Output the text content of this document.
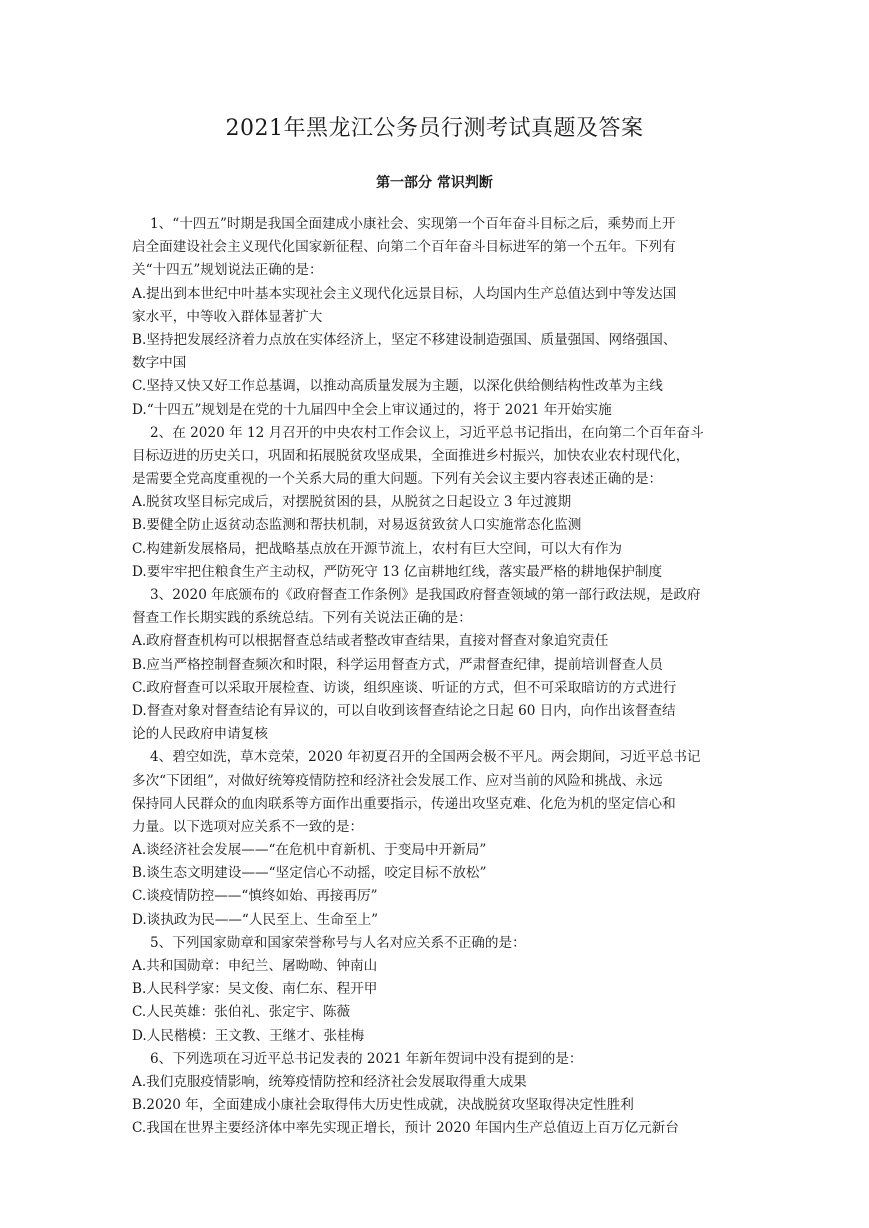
2021年黑龙江公务员行测考试真题及答案
第一部分 常识判断
1、“十四五”时期是我国全面建成小康社会、实现第一个百年奋斗目标之后，乘势而上开
启全面建设社会主义现代化国家新征程、向第二个百年奋斗目标进军的第一个五年。下列有
关“十四五”规划说法正确的是：
A.提出到本世纪中叶基本实现社会主义现代化远景目标，人均国内生产总值达到中等发达国
家水平，中等收入群体显著扩大
B.坚持把发展经济着力点放在实体经济上，坚定不移建设制造强国、质量强国、网络强国、
数字中国
C.坚持又快又好工作总基调，以推动高质量发展为主题，以深化供给侧结构性改革为主线
D.“十四五”规划是在党的十九届四中全会上审议通过的，将于 2021 年开始实施
2、在 2020 年 12 月召开的中央农村工作会议上，习近平总书记指出，在向第二个百年奋斗
目标迈进的历史关口，巩固和拓展脱贫攻坚成果，全面推进乡村振兴，加快农业农村现代化，
是需要全党高度重视的一个关系大局的重大问题。下列有关会议主要内容表述正确的是：
A.脱贫攻坚目标完成后，对摆脱贫困的县，从脱贫之日起设立 3 年过渡期
B.要健全防止返贫动态监测和帮扶机制，对易返贫致贫人口实施常态化监测
C.构建新发展格局，把战略基点放在开源节流上，农村有巨大空间，可以大有作为
D.要牢牢把住粮食生产主动权，严防死守 13 亿亩耕地红线，落实最严格的耕地保护制度
3、2020 年底颁布的《政府督查工作条例》是我国政府督查领域的第一部行政法规，是政府
督查工作长期实践的系统总结。下列有关说法正确的是：
A.政府督查机构可以根据督查总结或者整改审查结果，直接对督查对象追究责任
B.应当严格控制督查频次和时限，科学运用督查方式，严肃督查纪律，提前培训督查人员
C.政府督查可以采取开展检查、访谈，组织座谈、听证的方式，但不可采取暗访的方式进行
D.督查对象对督查结论有异议的，可以自收到该督查结论之日起 60 日内，向作出该督查结
论的人民政府申请复核
4、碧空如洗，草木竞荣，2020 年初夏召开的全国两会极不平凡。两会期间，习近平总书记
多次“下团组”，对做好统筹疫情防控和经济社会发展工作、应对当前的风险和挑战、永远
保持同人民群众的血肉联系等方面作出重要指示，传递出攻坚克难、化危为机的坚定信心和
力量。以下选项对应关系不一致的是：
A.谈经济社会发展——“在危机中育新机、于变局中开新局”
B.谈生态文明建设——“坚定信心不动摇，咬定目标不放松”
C.谈疫情防控——“慎终如始、再接再厉”
D.谈执政为民——“人民至上、生命至上”
5、下列国家勋章和国家荣誉称号与人名对应关系不正确的是：
A.共和国勋章：申纪兰、屠呦呦、钟南山
B.人民科学家：吴文俊、南仁东、程开甲
C.人民英雄：张伯礼、张定宇、陈薇
D.人民楷模：王文教、王继才、张桂梅
6、下列选项在习近平总书记发表的 2021 年新年贺词中没有提到的是：
A.我们克服疫情影响，统筹疫情防控和经济社会发展取得重大成果
B.2020 年，全面建成小康社会取得伟大历史性成就，决战脱贫攻坚取得决定性胜利
C.我国在世界主要经济体中率先实现正增长，预计 2020 年国内生产总值迈上百万亿元新台
